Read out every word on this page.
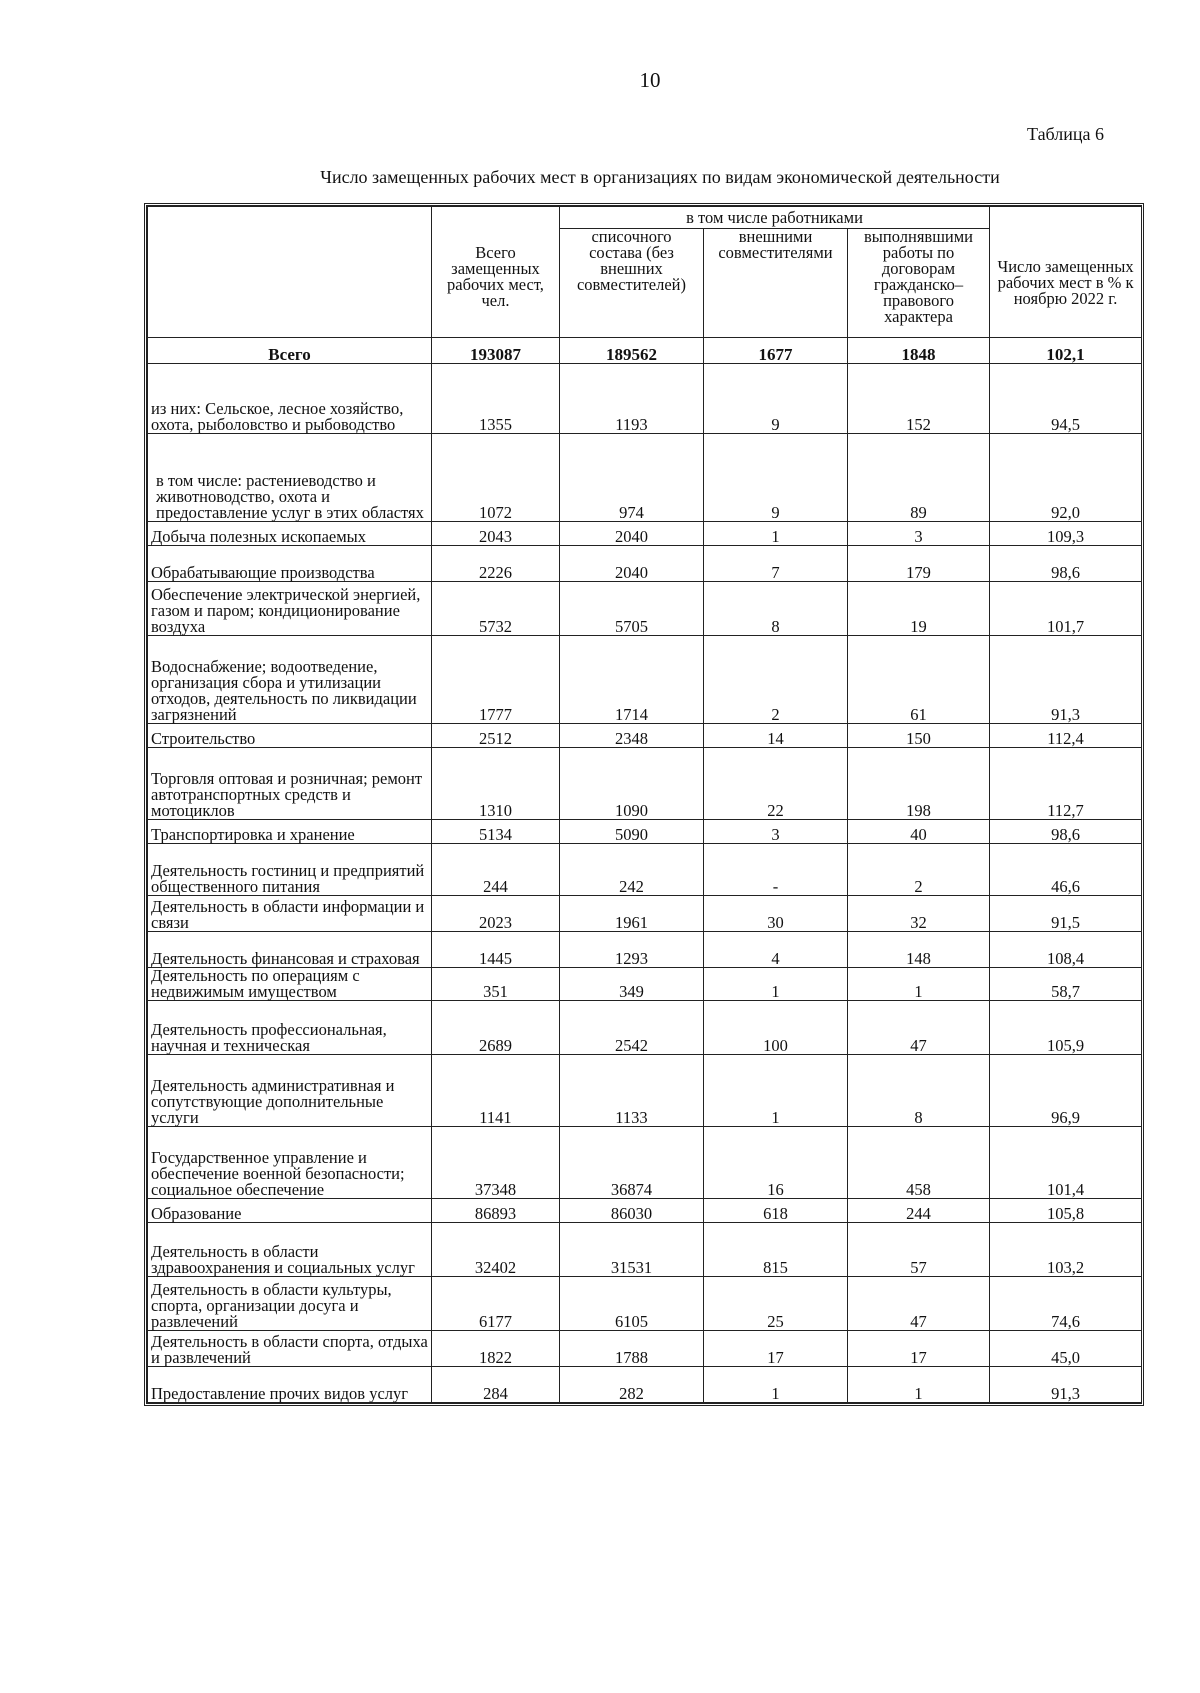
10
Таблица 6
Число замещенных рабочих мест в организациях по видам экономической деятельности
	Всего замещенных рабочих мест, чел.	в том числе работниками			Число замещенных рабочих мест в % к ноябрю 2022 г.
		списочного состава (без внешних совместителей)	внешними совместителями	выполнявшими работы по договорам гражданско–правового характера	
Всего	193087	189562	1677	1848	102,1
из них: Сельское, лесное хозяйство, охота, рыболовство и рыбоводство	1355	1193	9	152	94,5
в том числе: растениеводство и животноводство, охота и предоставление услуг в этих областях	1072	974	9	89	92,0
Добыча полезных ископаемых	2043	2040	1	3	109,3
Обрабатывающие производства	2226	2040	7	179	98,6
Обеспечение электрической энергией, газом и паром; кондиционирование воздуха	5732	5705	8	19	101,7
Водоснабжение; водоотведение, организация сбора и утилизации отходов, деятельность по ликвидации загрязнений	1777	1714	2	61	91,3
Строительство	2512	2348	14	150	112,4
Торговля оптовая и розничная; ремонт автотранспортных средств и мотоциклов	1310	1090	22	198	112,7
Транспортировка и хранение	5134	5090	3	40	98,6
Деятельность гостиниц и предприятий общественного питания	244	242	-	2	46,6
Деятельность в области информации и связи	2023	1961	30	32	91,5
Деятельность финансовая и страховая	1445	1293	4	148	108,4
Деятельность по операциям с недвижимым имуществом	351	349	1	1	58,7
Деятельность профессиональная, научная и техническая	2689	2542	100	47	105,9
Деятельность административная и сопутствующие дополнительные услуги	1141	1133	1	8	96,9
Государственное управление и обеспечение военной безопасности; социальное обеспечение	37348	36874	16	458	101,4
Образование	86893	86030	618	244	105,8
Деятельность в области здравоохранения и социальных услуг	32402	31531	815	57	103,2
Деятельность в области культуры, спорта, организации досуга и развлечений	6177	6105	25	47	74,6
Деятельность в области спорта, отдыха и развлечений	1822	1788	17	17	45,0
Предоставление прочих видов услуг	284	282	1	1	91,3
